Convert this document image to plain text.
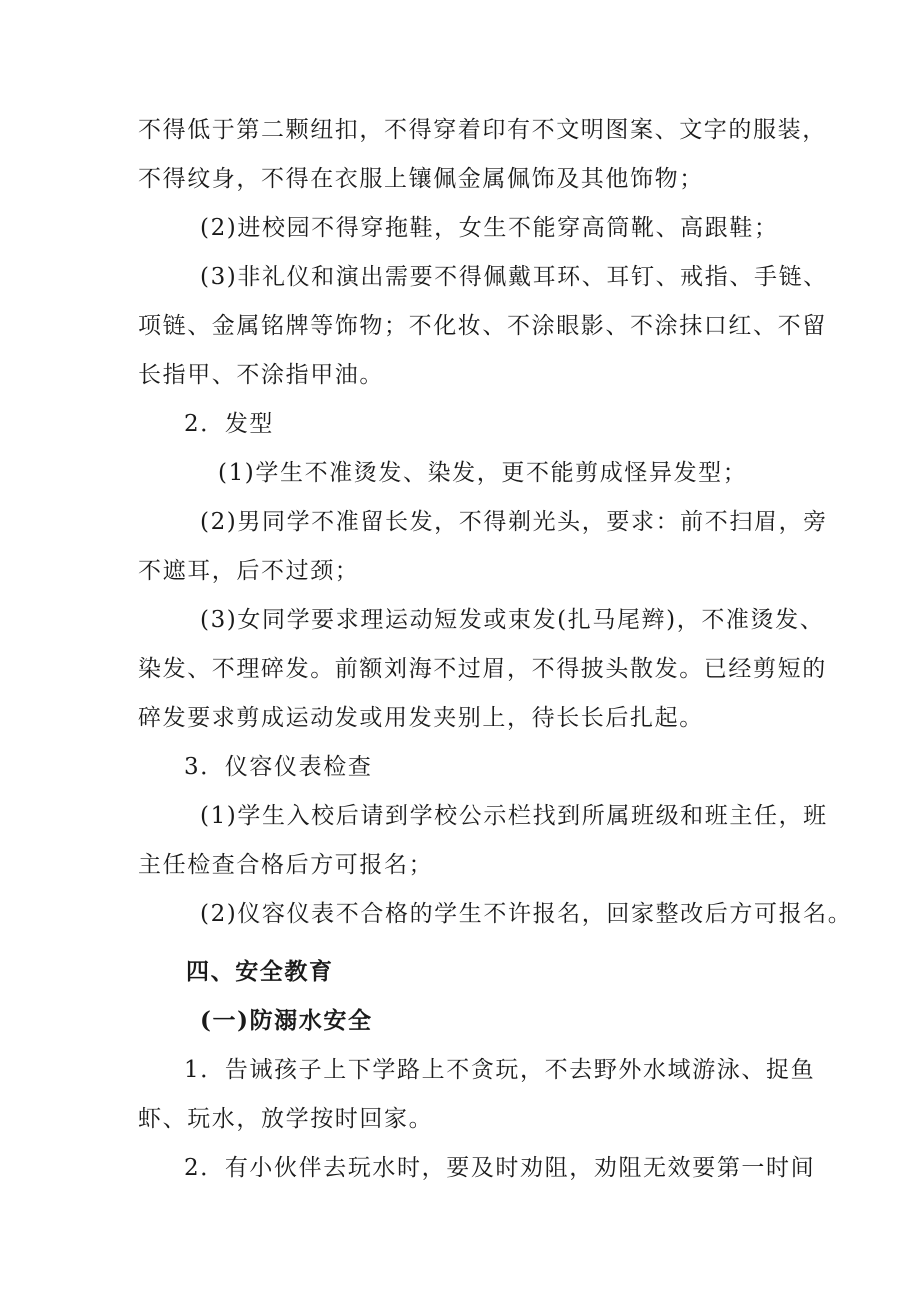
不得低于第二颗纽扣，不得穿着印有不文明图案、文字的服装，
不得纹身，不得在衣服上镶佩金属佩饰及其他饰物；
(2)进校园不得穿拖鞋，女生不能穿高筒靴、高跟鞋；
(3)非礼仪和演出需要不得佩戴耳环、耳钉、戒指、手链、
项链、金属铭牌等饰物；不化妆、不涂眼影、不涂抹口红、不留
长指甲、不涂指甲油。
2．发型
(1)学生不准烫发、染发，更不能剪成怪异发型；
(2)男同学不准留长发，不得剃光头，要求：前不扫眉，旁
不遮耳，后不过颈；
(3)女同学要求理运动短发或束发(扎马尾辫)，不准烫发、
染发、不理碎发。前额刘海不过眉，不得披头散发。已经剪短的
碎发要求剪成运动发或用发夹别上，待长长后扎起。
3．仪容仪表检查
(1)学生入校后请到学校公示栏找到所属班级和班主任，班
主任检查合格后方可报名；
(2)仪容仪表不合格的学生不许报名，回家整改后方可报名。
四、安全教育
(一)防溺水安全
1．告诫孩子上下学路上不贪玩，不去野外水域游泳、捉鱼
虾、玩水，放学按时回家。
2．有小伙伴去玩水时，要及时劝阻，劝阻无效要第一时间
